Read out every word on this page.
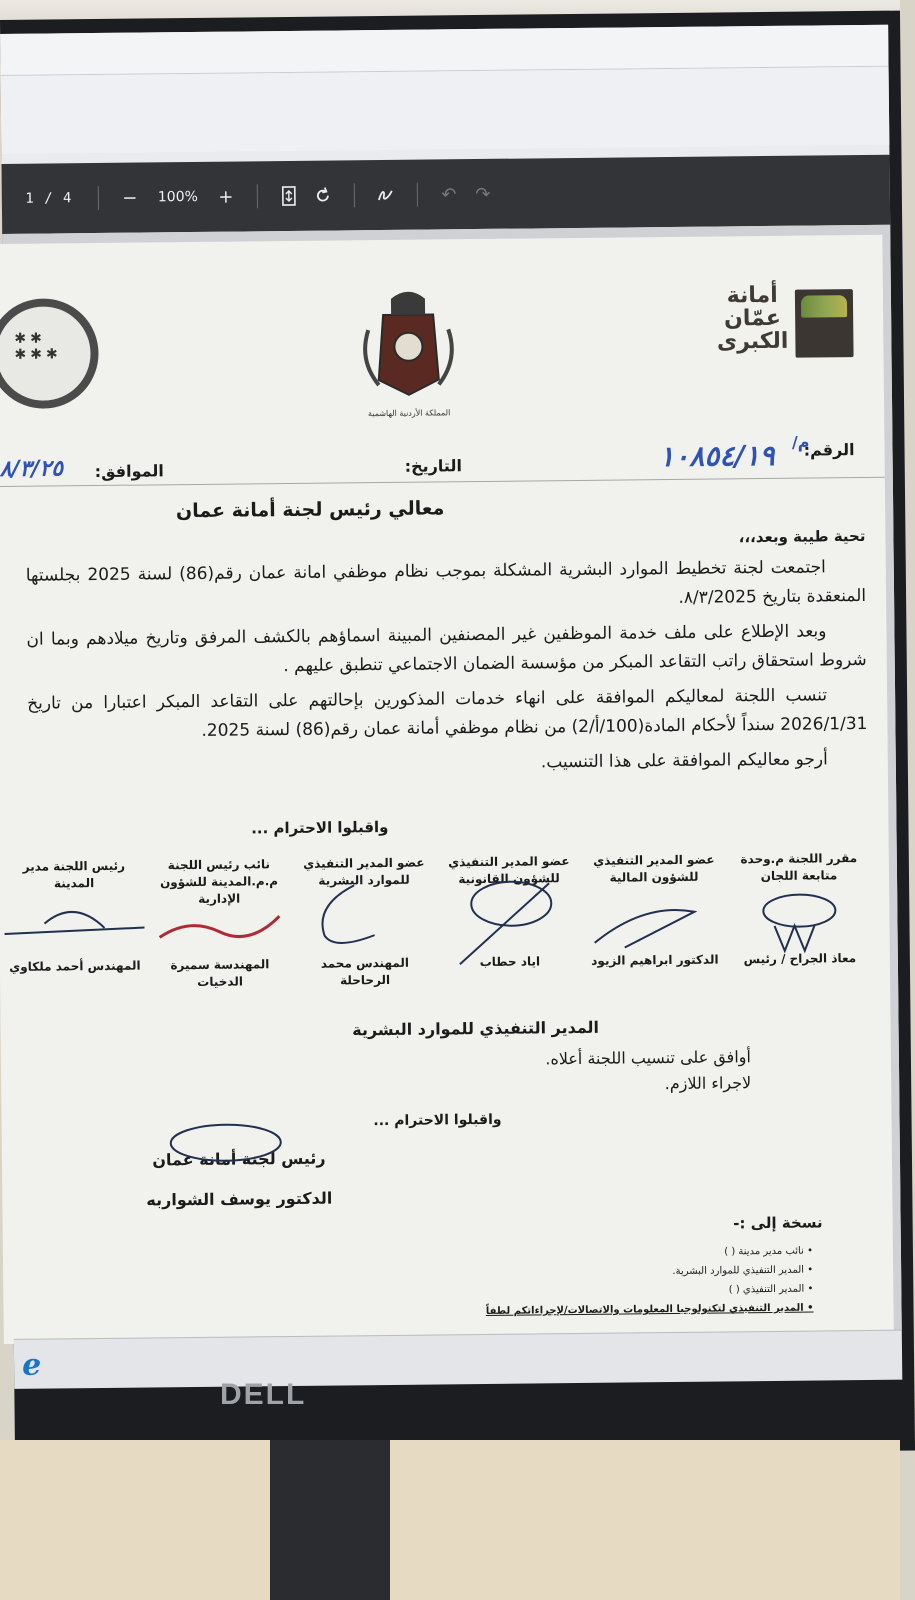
1 / 4	−	100%	+	↶	↷
أمانة
عمّان
الكبرى
المملكة الأردنية الهاشمية
✱✱
✱✱✱
الرقم:
م/
١٠٨٥٤/١٩
التاريخ:
الموافق:
٨/٣/٢٥
معالي رئيس لجنة أمانة عمان
تحية طيبة وبعد،،،

اجتمعت لجنة تخطيط الموارد البشرية المشكلة بموجب نظام موظفي امانة عمان رقم(86) لسنة 2025 بجلستها المنعقدة بتاريخ ٨/٣/2025.

وبعد الإطلاع على ملف خدمة الموظفين غير المصنفين المبينة اسماؤهم بالكشف المرفق وتاريخ ميلادهم وبما ان شروط استحقاق راتب التقاعد المبكر من مؤسسة الضمان الاجتماعي تنطبق عليهم .

تنسب اللجنة لمعاليكم الموافقة على انهاء خدمات المذكورين بإحالتهم على التقاعد المبكر اعتبارا من تاريخ 2026/1/31 سنداً لأحكام المادة(100/أ/2) من نظام موظفي أمانة عمان رقم(86) لسنة 2025.

أرجو معاليكم الموافقة على هذا التنسيب.

واقبلوا الاحترام ...
مقرر اللجنة م.وحدة متابعة اللجان
معاذ الجراح / رئيس
عضو المدير التنفيذي للشؤون المالية
الدكتور ابراهيم الزيود
عضو المدير التنفيذي للشؤون القانونية
اياد حطاب
عضو المدير التنفيذي للموارد البشرية
المهندس محمد الرحاحلة
نائب رئيس اللجنة م.م.المدينة للشؤون الإدارية
المهندسة سميرة الدخيات
رئيس اللجنة مدير المدينة
المهندس أحمد ملكاوي
المدير التنفيذي للموارد البشرية
أوافق على تنسيب اللجنة أعلاه.
لاجراء اللازم.
واقبلوا الاحترام ...
رئيس لجنة أمانة عمان
الدكتور يوسف الشواربه
نسخة إلى :-
• نائب مدير مدينة ( )
• المدير التنفيذي للموارد البشرية.
• المدير التنفيذي ( )
• المدير التنفيذي لتكنولوجيا المعلومات والاتصالات/لإجراءاتكم لطفاً
e
DELL
